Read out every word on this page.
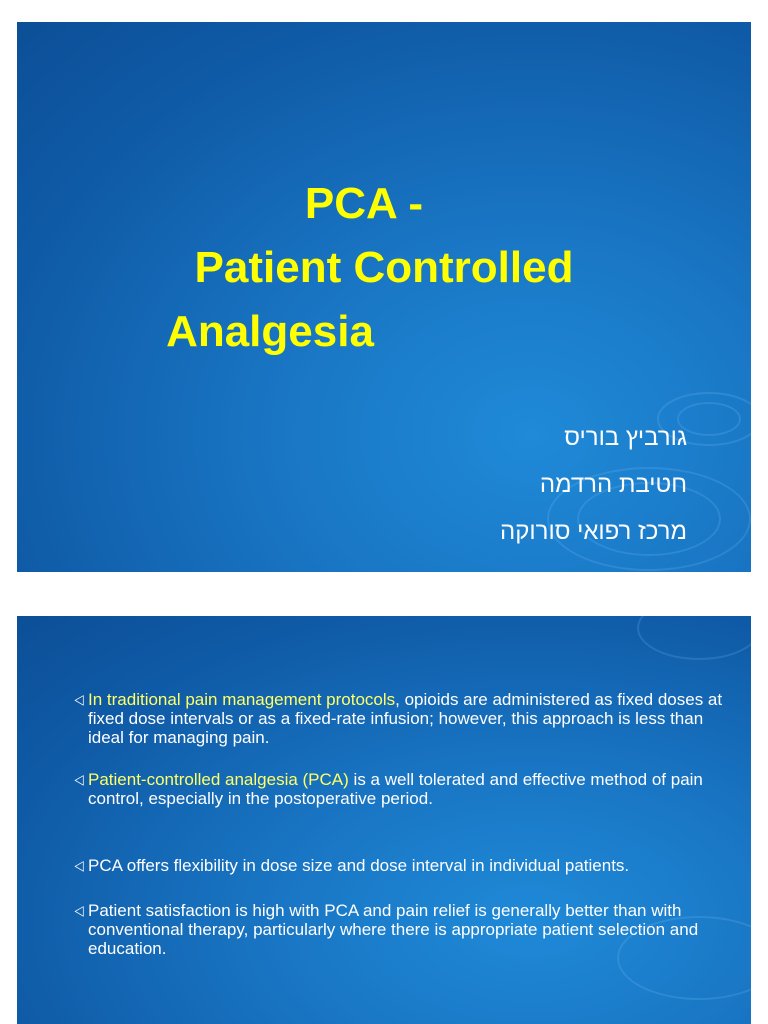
PCA -
Patient Controlled
Analgesia
גורביץ בוריס
חטיבת הרדמה
מרכז רפואי סורוקה
⨞ In traditional pain management protocols, opioids are administered as fixed doses at fixed dose intervals or as a fixed-rate infusion; however, this approach is less than ideal for managing pain.
⨞ Patient-controlled analgesia (PCA) is a well tolerated and effective method of pain control, especially in the postoperative period.
⨞ PCA offers flexibility in dose size and dose interval in individual patients.
⨞ Patient satisfaction is high with PCA and pain relief is generally better than with conventional therapy, particularly where there is appropriate patient selection and education.
